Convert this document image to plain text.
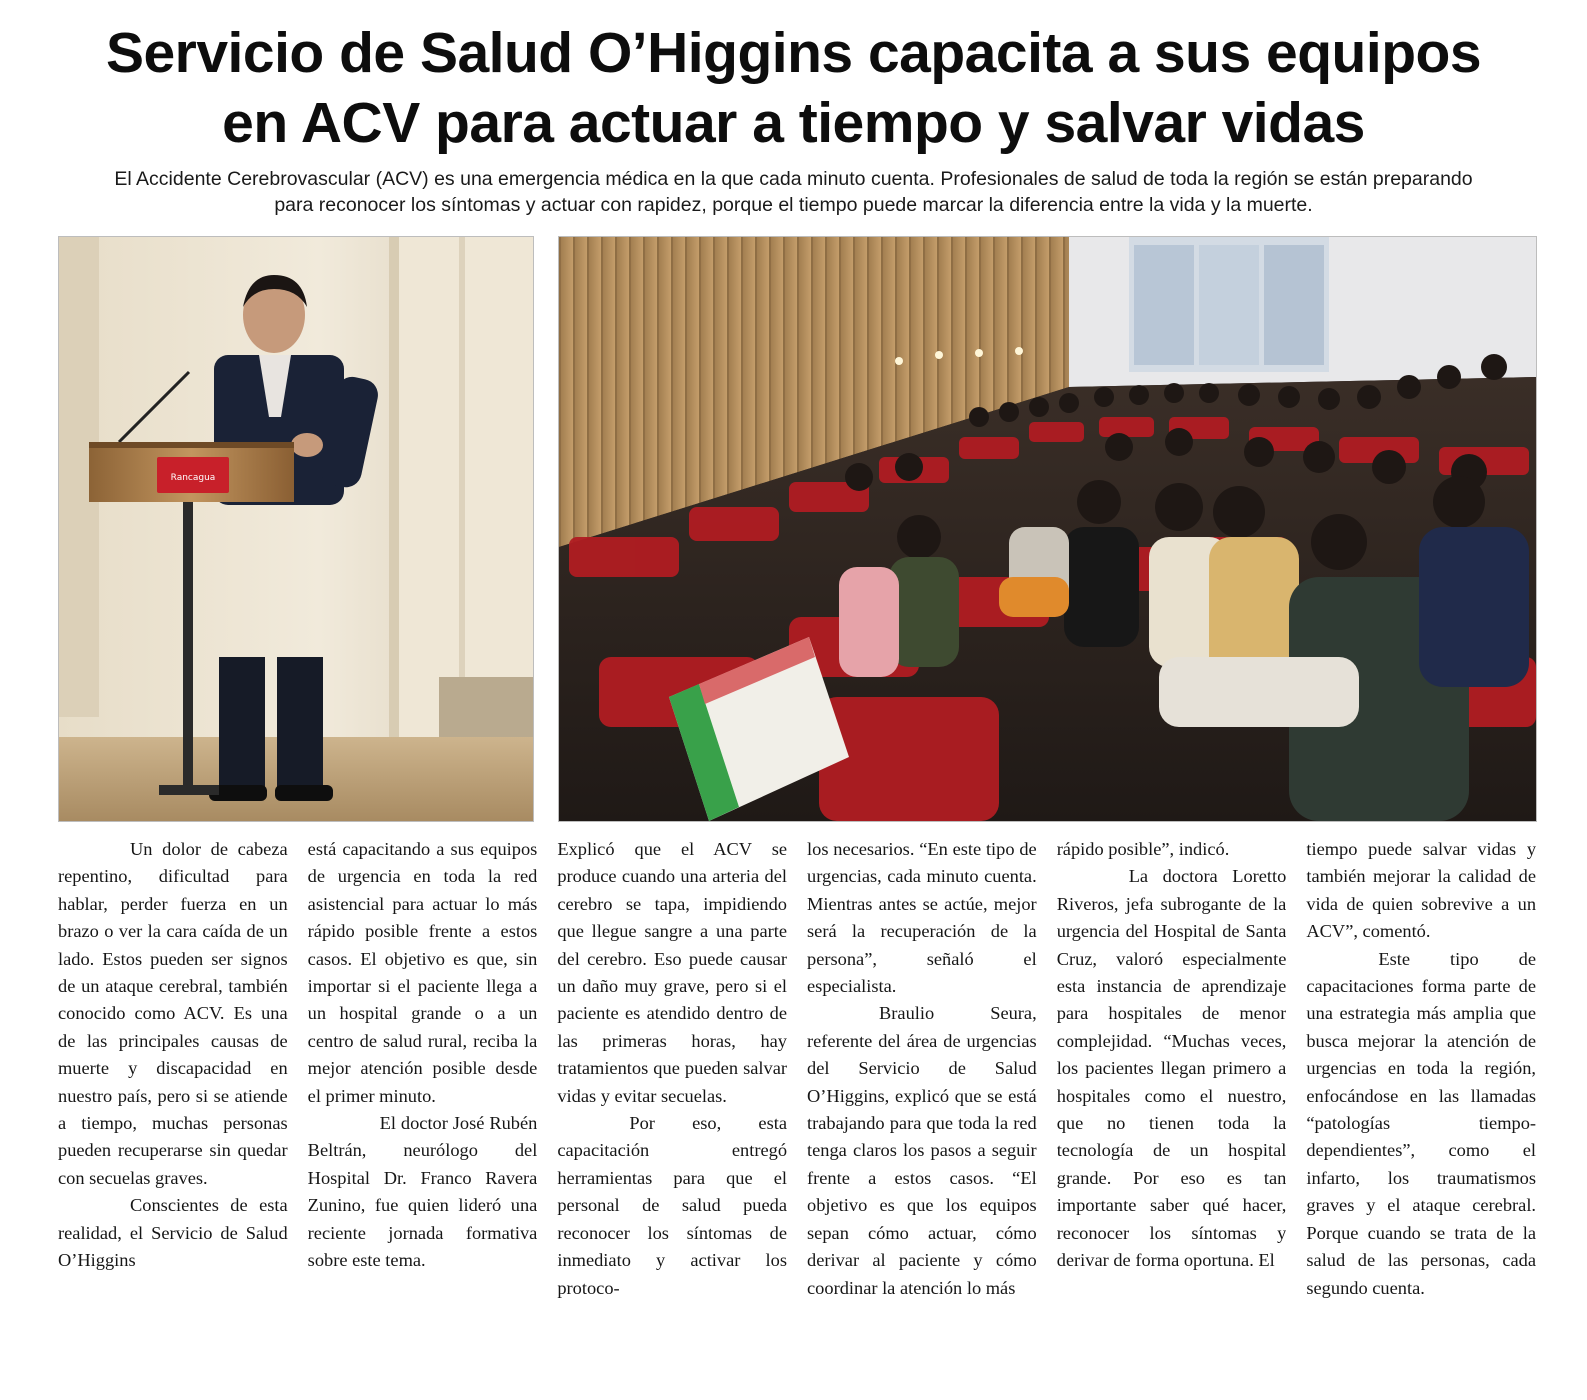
Servicio de Salud O’Higgins capacita a sus equipos
en ACV para actuar a tiempo y salvar vidas

El Accidente Cerebrovascular (ACV) es una emergencia médica en la que cada minuto cuenta. Profesionales de salud de toda la región se están preparando
para reconocer los síntomas y actuar con rapidez, porque el tiempo puede marcar la diferencia entre la vida y la muerte.

Rancagua

Un dolor de cabeza repentino, dificultad para hablar, perder fuerza en un brazo o ver la cara caída de un lado. Estos pueden ser signos de un ataque cerebral, también conocido como ACV. Es una de las principales causas de muerte y discapacidad en nuestro país, pero si se atiende a tiempo, muchas personas pueden recuperarse sin quedar con secuelas graves.

Conscientes de esta realidad, el Servicio de Salud O’Higgins

está capacitando a sus equipos de urgencia en toda la red asistencial para actuar lo más rápido posible frente a estos casos. El objetivo es que, sin importar si el paciente llega a un hospital grande o a un centro de salud rural, reciba la mejor atención posible desde el primer minuto.

El doctor José Rubén Beltrán, neurólogo del Hospital Dr. Franco Ravera Zunino, fue quien lideró una reciente jornada formativa sobre este tema.

Explicó que el ACV se produce cuando una arteria del cerebro se tapa, impidiendo que llegue sangre a una parte del cerebro. Eso puede causar un daño muy grave, pero si el paciente es atendido dentro de las primeras horas, hay tratamientos que pueden salvar vidas y evitar secuelas.

Por eso, esta capacitación entregó herramientas para que el personal de salud pueda reconocer los síntomas de inmediato y activar los protoco-

los necesarios. “En este tipo de urgencias, cada minuto cuenta. Mientras antes se actúe, mejor será la recuperación de la persona”, señaló el especialista.

Braulio Seura, referente del área de urgencias del Servicio de Salud O’Higgins, explicó que se está trabajando para que toda la red tenga claros los pasos a seguir frente a estos casos. “El objetivo es que los equipos sepan cómo actuar, cómo derivar al paciente y cómo coordinar la atención lo más

rápido posible”, indicó.

La doctora Loretto Riveros, jefa subrogante de la urgencia del Hospital de Santa Cruz, valoró especialmente esta instancia de aprendizaje para hospitales de menor complejidad. “Muchas veces, los pacientes llegan primero a hospitales como el nuestro, que no tienen toda la tecnología de un hospital grande. Por eso es tan importante saber qué hacer, reconocer los síntomas y derivar de forma oportuna. El

tiempo puede salvar vidas y también mejorar la calidad de vida de quien sobrevive a un ACV”, comentó.

Este tipo de capacitaciones forma parte de una estrategia más amplia que busca mejorar la atención de urgencias en toda la región, enfocándose en las llamadas “patologías tiempo-dependientes”, como el infarto, los traumatismos graves y el ataque cerebral. Porque cuando se trata de la salud de las personas, cada segundo cuenta.
